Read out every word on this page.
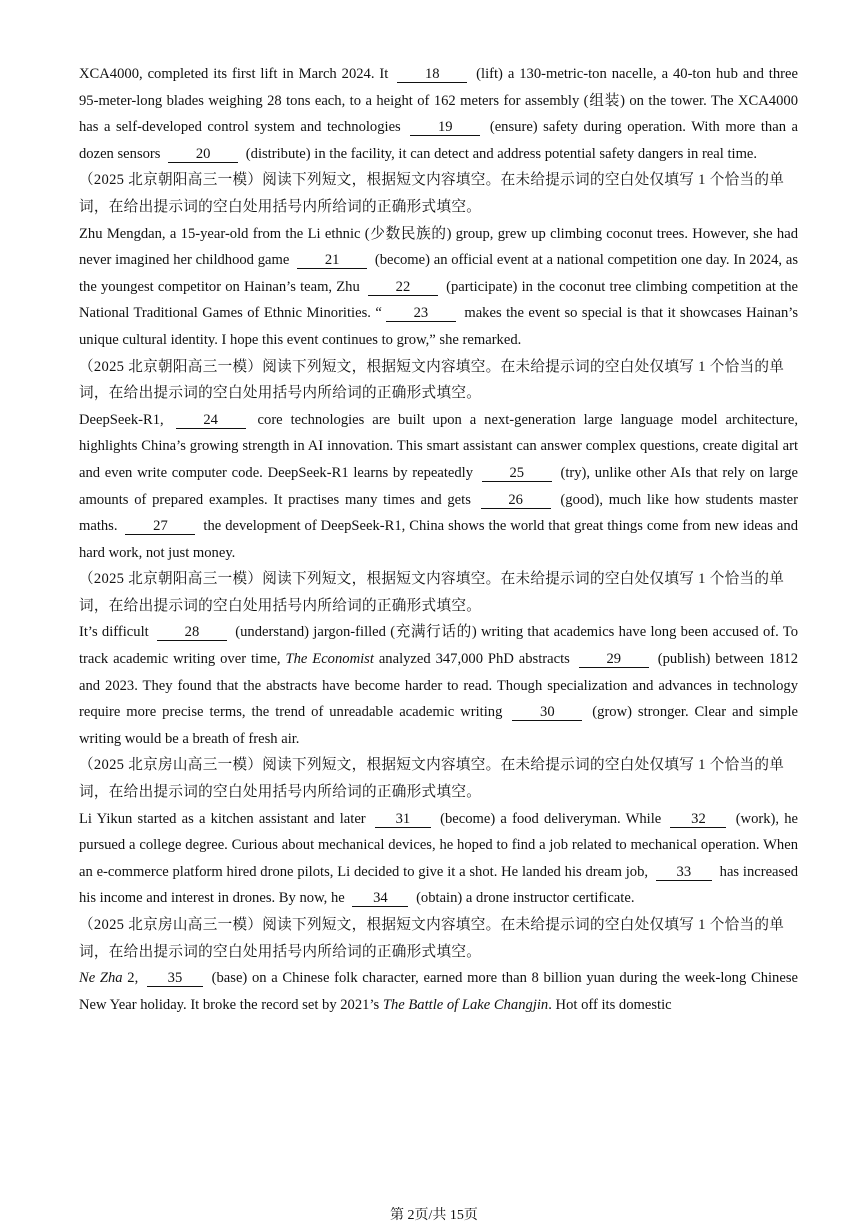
XCA4000, completed its first lift in March 2024. It	18	(lift) a 130-metric-ton nacelle, a 40-ton hub and three 95-meter-long blades weighing 28 tons each, to a height of 162 meters for assembly (组装) on the tower. The XCA4000 has a self-developed control system and technologies	19	(ensure) safety during operation. With more than a dozen sensors 20 (distribute) in the facility, it can detect and address potential safety dangers in real time.

（2025 北京朝阳高三一模）阅读下列短文，根据短文内容填空。在未给提示词的空白处仅填写 1 个恰当的单词，在给出提示词的空白处用括号内所给词的正确形式填空。

Zhu Mengdan, a 15-year-old from the Li ethnic (少数民族的) group, grew up climbing coconut trees. However, she had never imagined her childhood game 21 (become) an official event at a national competition one day. In 2024, as the youngest competitor on Hainan’s team, Zhu 22 (participate) in the coconut tree climbing competition at the National Traditional Games of Ethnic Minorities. “ 23 makes the event so special is that it showcases Hainan’s unique cultural identity. I hope this event continues to grow,” she remarked.

（2025 北京朝阳高三一模）阅读下列短文，根据短文内容填空。在未给提示词的空白处仅填写 1 个恰当的单词，在给出提示词的空白处用括号内所给词的正确形式填空。

DeepSeek-R1,	24	core technologies are built upon a next-generation large language model architecture, highlights China’s growing strength in AI innovation. This smart assistant can answer complex questions, create digital art and even write computer code. DeepSeek-R1 learns by repeatedly 25 (try), unlike other AIs that rely on large amounts of prepared examples. It practises many times and gets	26	(good), much like how students master maths. 27 the development of DeepSeek-R1, China shows the world that great things come from new ideas and hard work, not just money.

（2025 北京朝阳高三一模）阅读下列短文，根据短文内容填空。在未给提示词的空白处仅填写 1 个恰当的单词，在给出提示词的空白处用括号内所给词的正确形式填空。

It’s difficult 28 (understand) jargon-filled (充满行话的) writing that academics have long been accused of. To track academic writing over time, The Economist analyzed 347,000 PhD abstracts	29	(publish) between 1812 and 2023. They found that the abstracts have become harder to read. Though specialization and advances in technology require more precise terms, the trend of unreadable academic writing	30	(grow) stronger. Clear and simple writing would be a breath of fresh air.

（2025 北京房山高三一模）阅读下列短文，根据短文内容填空。在未给提示词的空白处仅填写 1 个恰当的单词，在给出提示词的空白处用括号内所给词的正确形式填空。

Li Yikun started as a kitchen assistant and later 31 (become) a food deliveryman. While 32 (work), he pursued a college degree. Curious about mechanical devices, he hoped to find a job related to mechanical operation. When an e-commerce platform hired drone pilots, Li decided to give it a shot. He landed his dream job, 33 has increased his income and interest in drones. By now, he 34 (obtain) a drone instructor certificate.

（2025 北京房山高三一模）阅读下列短文，根据短文内容填空。在未给提示词的空白处仅填写 1 个恰当的单词，在给出提示词的空白处用括号内所给词的正确形式填空。

Ne Zha 2, 35 (base) on a Chinese folk character, earned more than 8 billion yuan during the week-long Chinese New Year holiday. It broke the record set by 2021’s The Battle of Lake Changjin. Hot off its domestic

第 2页/共 15页
